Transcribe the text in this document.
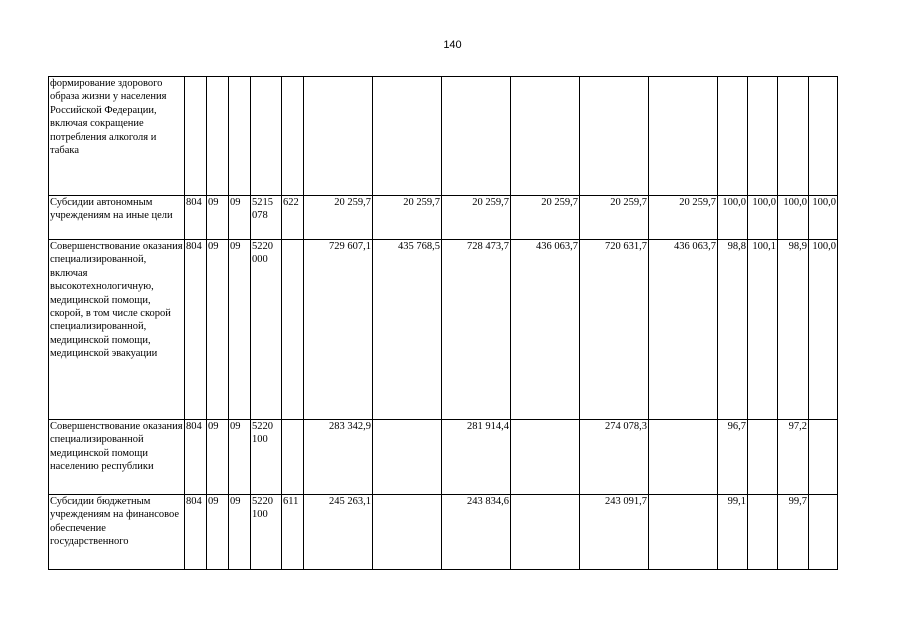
140
формирование здорового образа жизни у населения Российской Федерации, включая сокращение потребления алкоголя и табака															
Субсидии автономным учреждениям на иные цели	804	09	09	5215 078	622	20 259,7	20 259,7	20 259,7	20 259,7	20 259,7	20 259,7	100,0	100,0	100,0	100,0
Совершенствование оказания специализированной, включая высокотехнологичную, медицинской помощи, скорой, в том числе скорой специализированной, медицинской помощи, медицинской эвакуации	804	09	09	5220 000		729 607,1	435 768,5	728 473,7	436 063,7	720 631,7	436 063,7	98,8	100,1	98,9	100,0
Совершенствование оказания специализированной медицинской помощи населению республики	804	09	09	5220 100		283 342,9		281 914,4		274 078,3		96,7		97,2	
Субсидии бюджетным учреждениям на финансовое обеспечение государственного	804	09	09	5220 100	611	245 263,1		243 834,6		243 091,7		99,1		99,7	
